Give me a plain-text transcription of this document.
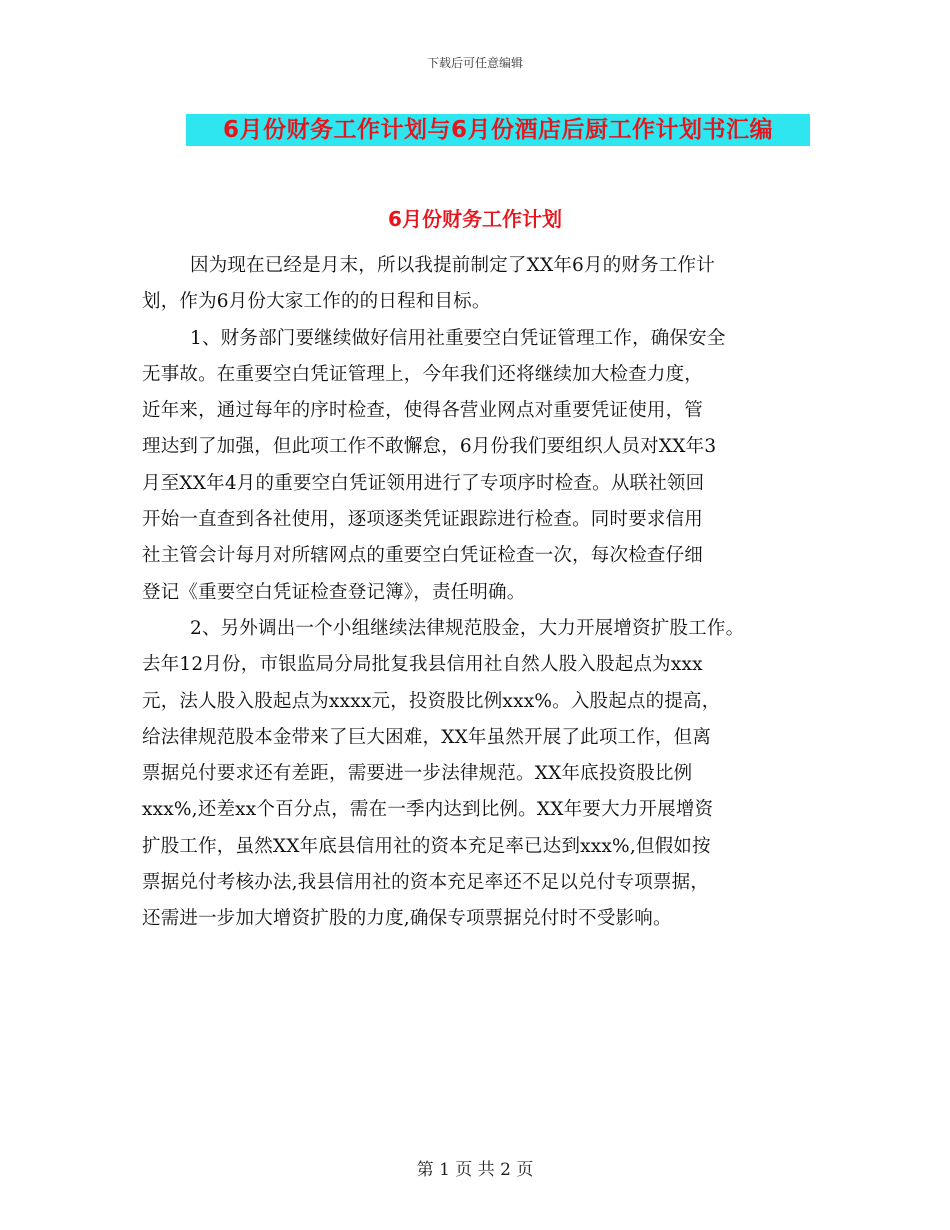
下载后可任意编辑
6月份财务工作计划与6月份酒店后厨工作计划书汇编
6月份财务工作计划
因为现在已经是月末，所以我提前制定了XX年6月的财务工作计
划，作为6月份大家工作的的日程和目标。
1、财务部门要继续做好信用社重要空白凭证管理工作，确保安全
无事故。在重要空白凭证管理上，今年我们还将继续加大检查力度，
近年来，通过每年的序时检查，使得各营业网点对重要凭证使用，管
理达到了加强，但此项工作不敢懈怠，6月份我们要组织人员对XX年3
月至XX年4月的重要空白凭证领用进行了专项序时检查。从联社领回
开始一直查到各社使用，逐项逐类凭证跟踪进行检查。同时要求信用
社主管会计每月对所辖网点的重要空白凭证检查一次，每次检查仔细
登记《重要空白凭证检查登记簿》，责任明确。
2、另外调出一个小组继续法律规范股金，大力开展增资扩股工作。
去年12月份，市银监局分局批复我县信用社自然人股入股起点为xxx
元，法人股入股起点为xxxx元，投资股比例xxx%。入股起点的提高，
给法律规范股本金带来了巨大困难，XX年虽然开展了此项工作，但离
票据兑付要求还有差距，需要进一步法律规范。XX年底投资股比例
xxx%,还差xx个百分点，需在一季内达到比例。XX年要大力开展增资
扩股工作，虽然XX年底县信用社的资本充足率已达到xxx%,但假如按
票据兑付考核办法,我县信用社的资本充足率还不足以兑付专项票据，
还需进一步加大增资扩股的力度,确保专项票据兑付时不受影响。
第 1 页 共 2 页
